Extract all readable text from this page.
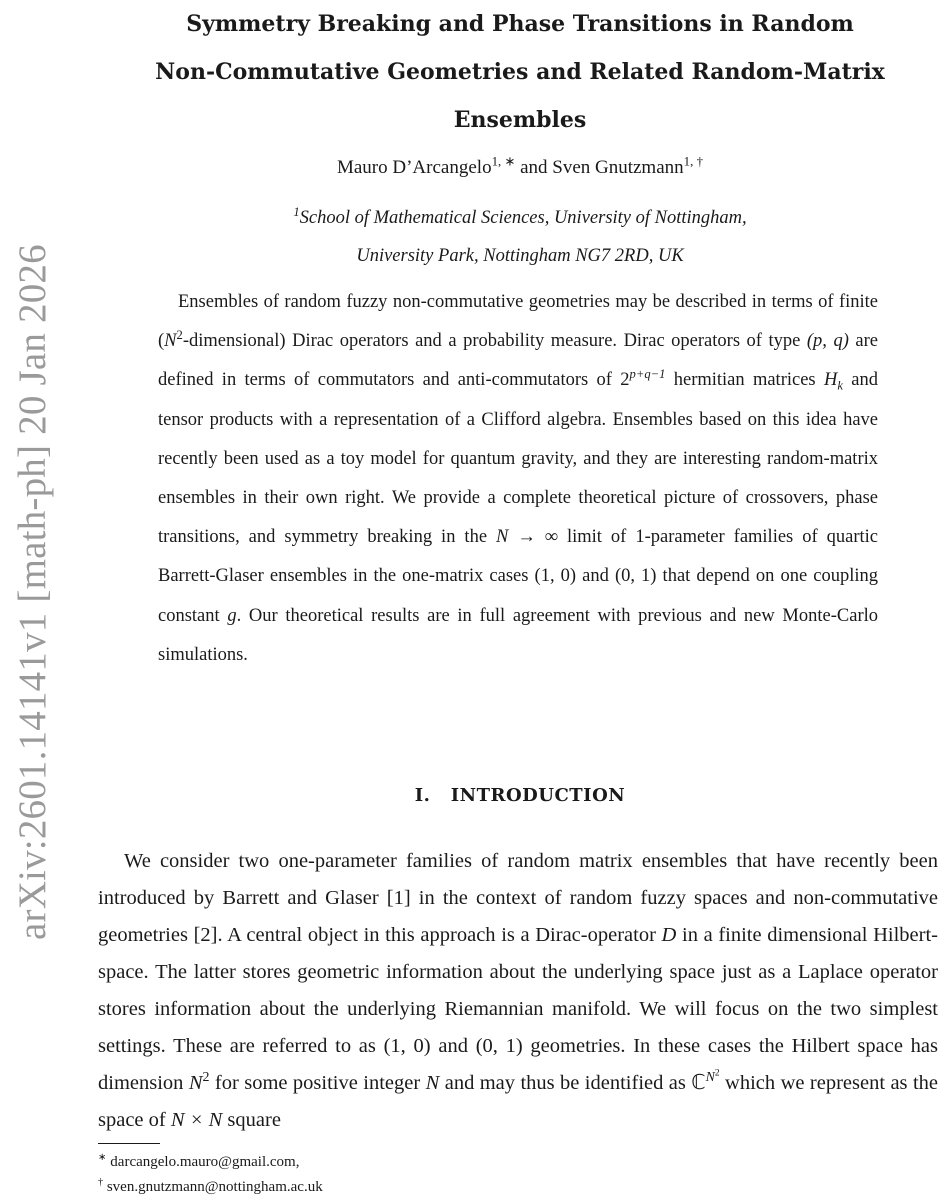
arXiv:2601.14141v1 [math-ph] 20 Jan 2026
Symmetry Breaking and Phase Transitions in Random
Non-Commutative Geometries and Related Random-Matrix
Ensembles
Mauro D’Arcangelo$^{1, ∗}$ and Sven Gnutzmann$^{1, \dagger}$
$^1$School of Mathematical Sciences, University of Nottingham,
University Park, Nottingham NG7 2RD, UK

Ensembles of random fuzzy non-commutative geometries may be described in terms of finite $(N^2-dimensional)$ Dirac operators and a probability measure. Dirac operators of type (p, q) are defined in terms of commutators and anti-commutators of $2^{p+q-1}$ hermitian matrices $H_k$ and tensor products with a representation of a Clifford algebra. Ensembles based on this idea have recently been used as a toy model for quantum gravity, and they are interesting random-matrix ensembles in their own right. We provide a complete theoretical picture of crossovers, phase transitions, and symmetry breaking in the N → ∞ limit of 1-parameter families of quartic Barrett-Glaser ensembles in the one-matrix cases (1, 0) and (0, 1) that depend on one coupling constant g. Our theoretical results are in full agreement with previous and new Monte-Carlo simulations.

I. INTRODUCTION

We consider two one-parameter families of random matrix ensembles that have recently been introduced by Barrett and Glaser [1] in the context of random fuzzy spaces and non-commutative geometries [2]. A central object in this approach is a Dirac-operator D in a finite dimensional Hilbert-space. The latter stores geometric information about the underlying space just as a Laplace operator stores information about the underlying Riemannian manifold. We will focus on the two simplest settings. These are referred to as (1, 0) and (0, 1) geometries. In these cases the Hilbert space has dimension $N^2$ for some positive integer N and may thus be identified as ℂ$^{N^2}$ which we represent as the space of N × N square

∗ darcangelo.mauro@gmail.com,

† sven.gnutzmann@nottingham.ac.uk
